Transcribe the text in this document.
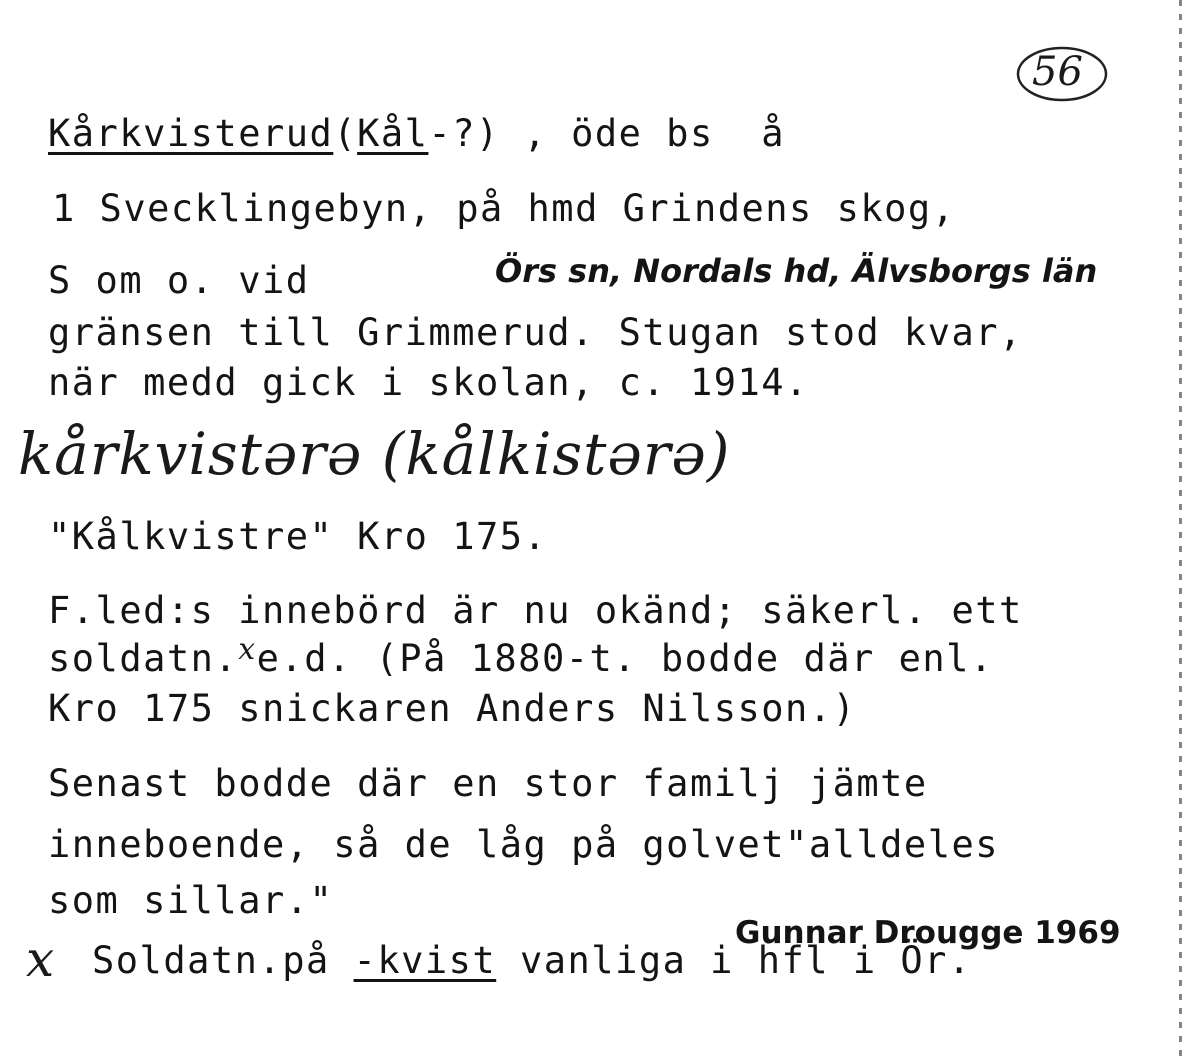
56
Kårkvisterud(Kål-?) , öde bs å
1 Svecklingebyn, på hmd Grindens skog,
S om o. vid	Örs sn, Nordals hd, Älvsborgs län
gränsen till Grimmerud. Stugan stod kvar,
när medd gick i skolan, c. 1914.
kårkvistərə (kålkistərə)
"Kålkvistre" Kro 175.
F.led:s innebörd är nu okänd; säkerl. ett
soldatn.$^x$e.d. (På 1880-t. bodde där enl.
Kro 175 snickaren Anders Nilsson.)
Senast bodde där en stor familj jämte
inneboende, så de låg på golvet"alldeles
som sillar."
Gunnar Drougge 1969
x Soldatn.på -kvist vanliga i hfl i Ör.
